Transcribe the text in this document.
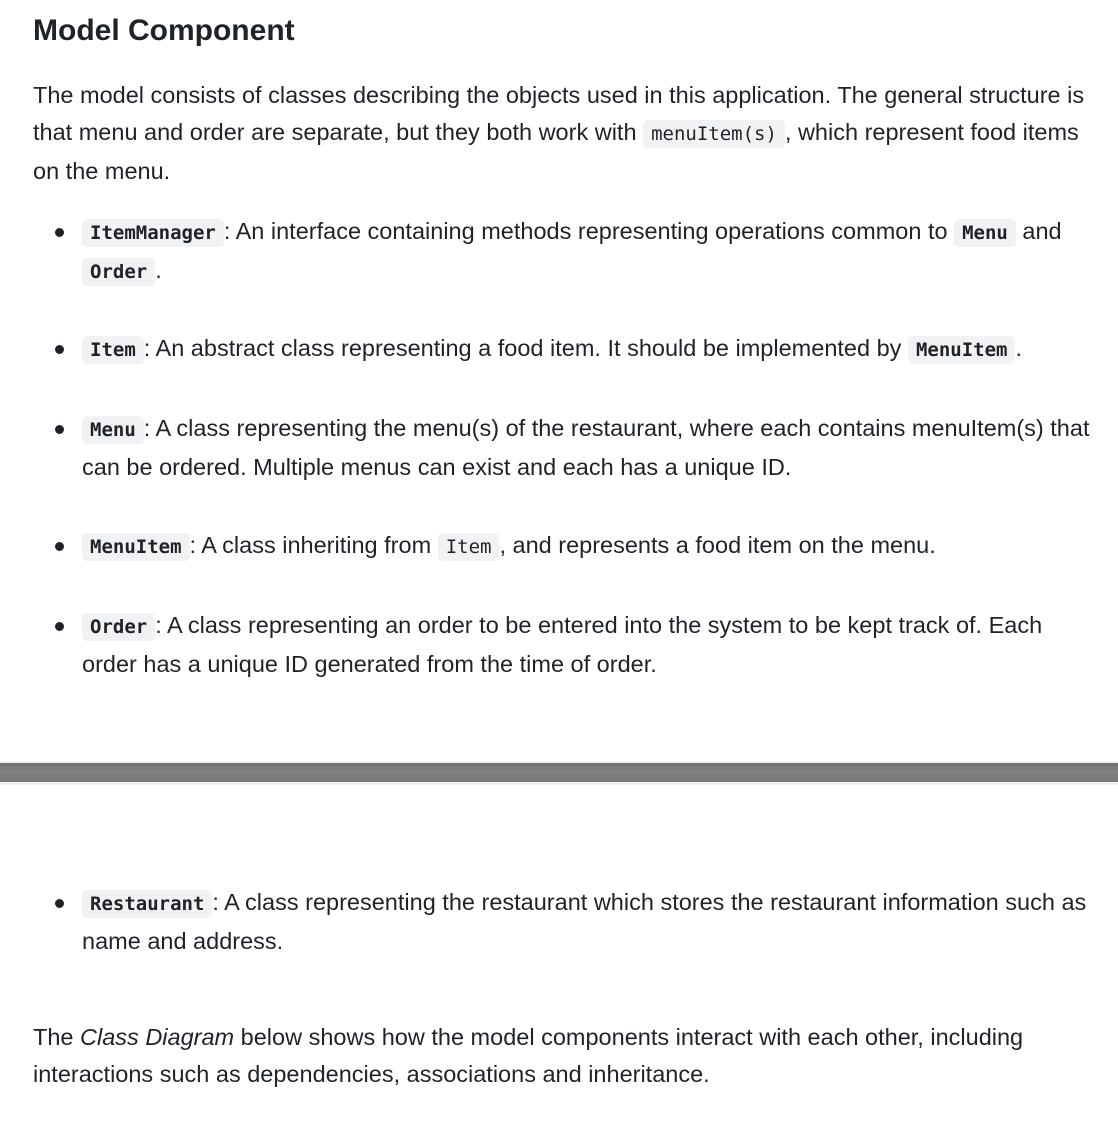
Model Component

The model consists of classes describing the objects used in this application. The general structure is that menu and order are separate, but they both work with menuItem(s) , which represent food items on the menu.

ItemManager : An interface containing methods representing operations common to Menu and Order .
Item : An abstract class representing a food item. It should be implemented by MenuItem .
Menu : A class representing the menu(s) of the restaurant, where each contains menuItem(s) that can be ordered. Multiple menus can exist and each has a unique ID.
MenuItem : A class inheriting from Item , and represents a food item on the menu.
Order : A class representing an order to be entered into the system to be kept track of. Each order has a unique ID generated from the time of order.
Restaurant : A class representing the restaurant which stores the restaurant information such as name and address.

The Class Diagram below shows how the model components interact with each other, including interactions such as dependencies, associations and inheritance.
